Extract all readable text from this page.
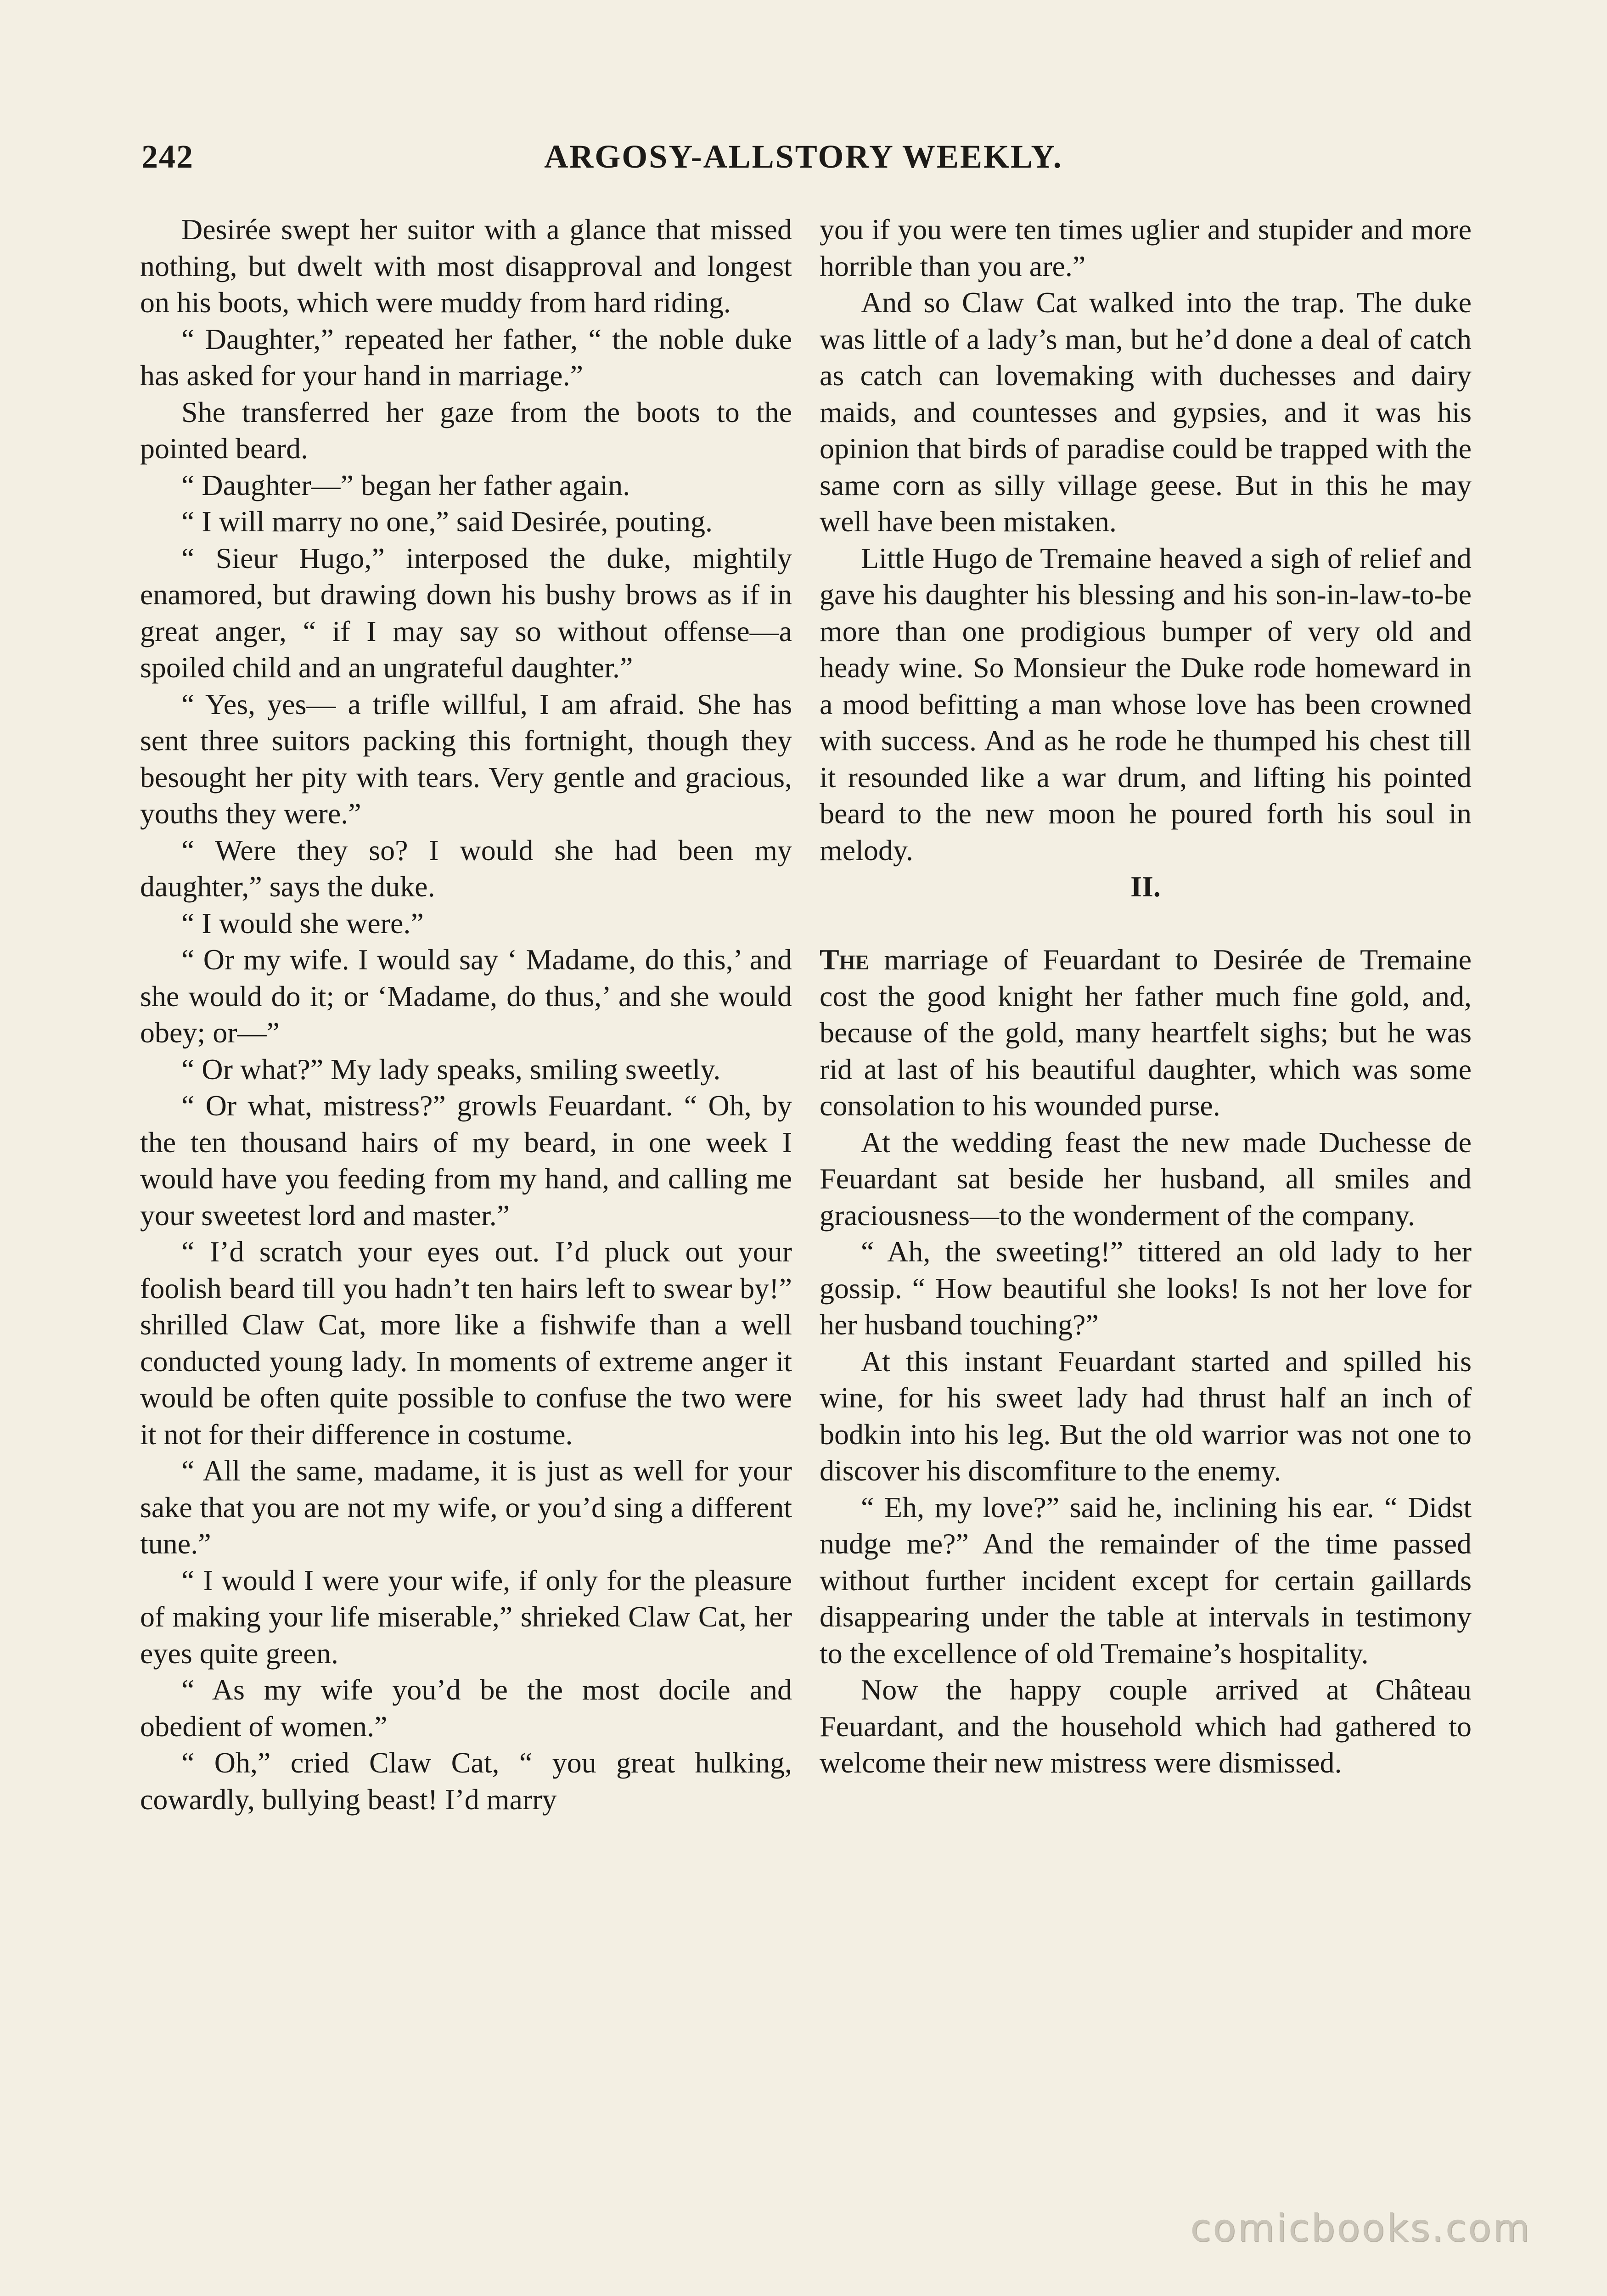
242	ARGOSY-ALLSTORY WEEKLY.

Desirée swept her suitor with a glance that missed nothing, but dwelt with most disapproval and longest on his boots, which were muddy from hard riding.

“ Daughter,” repeated her father, “ the noble duke has asked for your hand in marriage.”

She transferred her gaze from the boots to the pointed beard.

“ Daughter—” began her father again.

“ I will marry no one,” said Desirée, pouting.

“ Sieur Hugo,” interposed the duke, mightily enamored, but drawing down his bushy brows as if in great anger, “ if I may say so without offense—a spoiled child and an ungrateful daughter.”

“ Yes, yes— a trifle willful, I am afraid. She has sent three suitors packing this fortnight, though they besought her pity with tears. Very gentle and gracious, youths they were.”

“ Were they so? I would she had been my daughter,” says the duke.

“ I would she were.”

“ Or my wife. I would say ‘ Madame, do this,’ and she would do it; or ‘Madame, do thus,’ and she would obey; or—”

“ Or what?” My lady speaks, smiling sweetly.

“ Or what, mistress?” growls Feuardant. “ Oh, by the ten thousand hairs of my beard, in one week I would have you feeding from my hand, and calling me your sweetest lord and master.”

“ I’d scratch your eyes out. I’d pluck out your foolish beard till you hadn’t ten hairs left to swear by!” shrilled Claw Cat, more like a fishwife than a well conducted young lady. In moments of extreme anger it would be often quite possible to confuse the two were it not for their difference in costume.

“ All the same, madame, it is just as well for your sake that you are not my wife, or you’d sing a different tune.”

“ I would I were your wife, if only for the pleasure of making your life miserable,” shrieked Claw Cat, her eyes quite green.

“ As my wife you’d be the most docile and obedient of women.”

“ Oh,” cried Claw Cat, “ you great hulking, cowardly, bullying beast! I’d marry

you if you were ten times uglier and stupider and more horrible than you are.”

And so Claw Cat walked into the trap. The duke was little of a lady’s man, but he’d done a deal of catch as catch can lovemaking with duchesses and dairy maids, and countesses and gypsies, and it was his opinion that birds of paradise could be trapped with the same corn as silly village geese. But in this he may well have been mistaken.

Little Hugo de Tremaine heaved a sigh of relief and gave his daughter his blessing and his son-in-law-to-be more than one prodigious bumper of very old and heady wine. So Monsieur the Duke rode homeward in a mood befitting a man whose love has been crowned with success. And as he rode he thumped his chest till it resounded like a war drum, and lifting his pointed beard to the new moon he poured forth his soul in melody.

II.

The marriage of Feuardant to Desirée de Tremaine cost the good knight her father much fine gold, and, because of the gold, many heartfelt sighs; but he was rid at last of his beautiful daughter, which was some consolation to his wounded purse.

At the wedding feast the new made Duchesse de Feuardant sat beside her husband, all smiles and graciousness—to the wonderment of the company.

“ Ah, the sweeting!” tittered an old lady to her gossip. “ How beautiful she looks! Is not her love for her husband touching?”

At this instant Feuardant started and spilled his wine, for his sweet lady had thrust half an inch of bodkin into his leg. But the old warrior was not one to discover his discomfiture to the enemy.

“ Eh, my love?” said he, inclining his ear. “ Didst nudge me?” And the remainder of the time passed without further incident except for certain gaillards disappearing under the table at intervals in testimony to the excellence of old Tremaine’s hospitality.

Now the happy couple arrived at Château Feuardant, and the household which had gathered to welcome their new mistress were dismissed.

comicbooks.com
